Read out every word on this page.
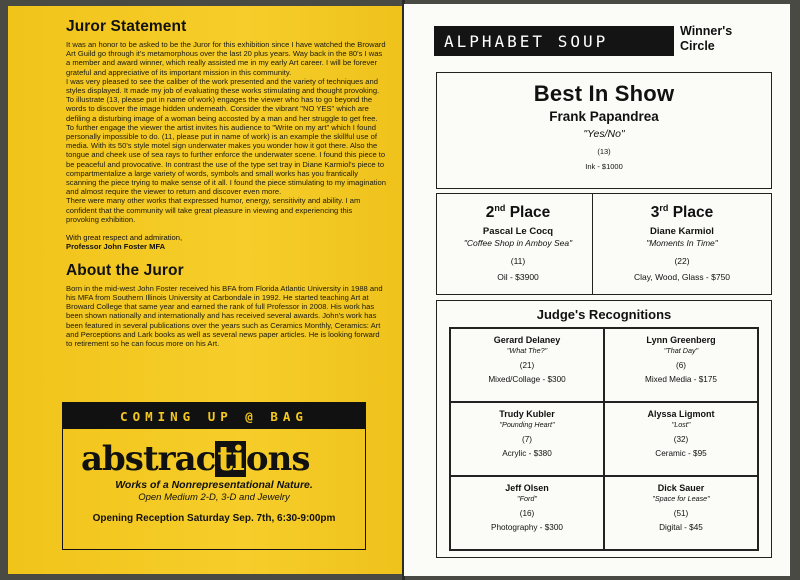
Juror Statement

It was an honor to be asked to be the Juror for this exhibition since I have watched the Broward Art Guild go through it's metamorphous over the last 20 plus years. Way back in the 80's I was a member and award winner, which really assisted me in my early Art career. I will be forever grateful and appreciative of its important mission in this community.

I was very pleased to see the caliber of the work presented and the variety of techniques and styles displayed. It made my job of evaluating these works stimulating and thought provoking. To illustrate (13, please put in name of work) engages the viewer who has to go beyond the words to discover the image hidden underneath. Consider the vibrant "NO YES" which are defiling a disturbing image of a woman being accosted by a man and her struggle to get free. To further engage the viewer the artist invites his audience to "Write on my art" which I found personally impossible to do. (11, please put in name of work) is an example the skillful use of media. With its 50's style motel sign underwater makes you wonder how it got there. Also the tongue and cheek use of sea rays to further enforce the underwater scene. I found this piece to be peaceful and provocative. In contrast the use of the type set tray in Diane Karmiol's piece to compartmentalize a large variety of words, symbols and small works has you frantically scanning the piece trying to make sense of it all. I found the piece stimulating to my imagination and almost require the viewer to return and discover even more.

There were many other works that expressed humor, energy, sensitivity and ability. I am confident that the community will take great pleasure in viewing and experiencing this provoking exhibition.

With great respect and admiration,
Professor John Foster MFA
About the Juror
Born in the mid-west John Foster received his BFA from Florida Atlantic University in 1988 and his MFA from Southern Illinois University at Carbondale in 1992. He started teaching Art at Broward College that same year and earned the rank of full Professor in 2008. His work has been shown nationally and internationally and has received several awards. John's work has been featured in several publications over the years such as Ceramics Monthly, Ceramics: Art and Perceptions and Lark books as well as several news paper articles. He is looking forward to retirement so he can focus more on his Art.
COMING UP @ BAG
abstractions
Works of a Nonrepresentational Nature.
Open Medium 2-D, 3-D and Jewelry
Opening Reception Saturday Sep. 7th, 6:30-9:00pm
ALPHABET SOUP
Winner's
Circle
Best In Show
Frank Papandrea
"Yes/No"
(13)
Ink - $1000
2nd Place
Pascal Le Cocq
"Coffee Shop in Amboy Sea"
(11)
Oil - $3900
3rd Place
Diane Karmiol
"Moments In Time"
(22)
Clay, Wood, Glass - $750
Judge's Recognitions
Gerard Delaney
"What The?"
(21)
Mixed/Collage - $300
Lynn Greenberg
"That Day"
(6)
Mixed Media - $175
Trudy Kubler
"Pounding Heart"
(7)
Acrylic - $380
Alyssa Ligmont
"Lost"
(32)
Ceramic - $95
Jeff Olsen
"Ford"
(16)
Photography - $300
Dick Sauer
"Space for Lease"
(51)
Digital - $45
